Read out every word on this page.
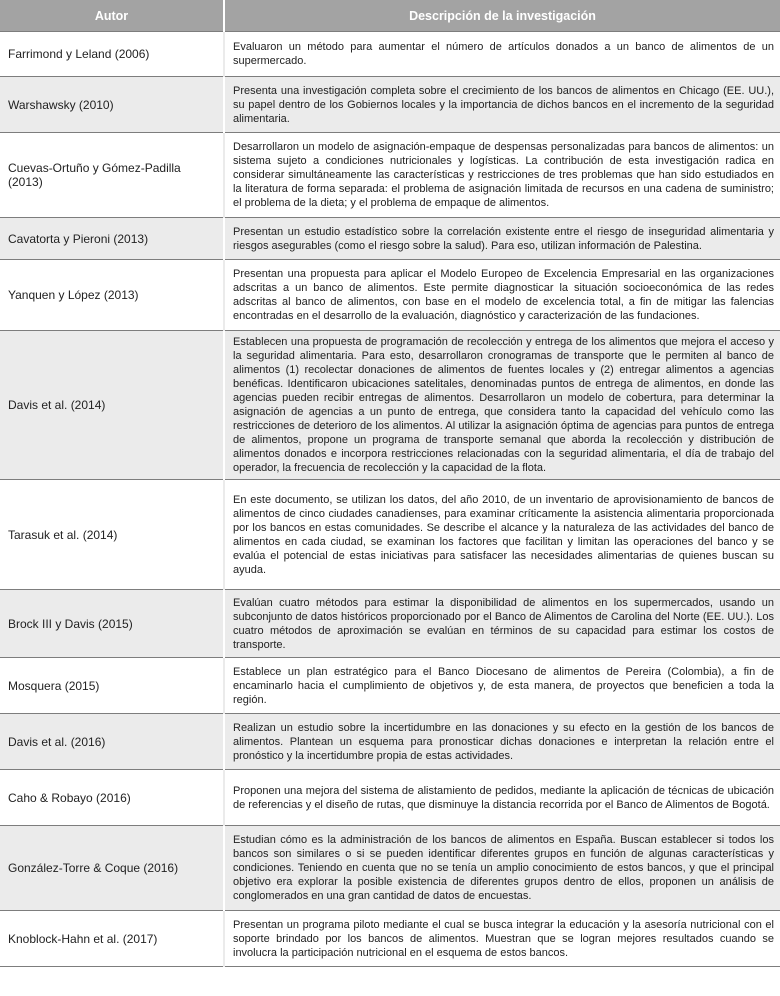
Autor	Descripción de la investigación
Farrimond y Leland (2006)	Evaluaron un método para aumentar el número de artículos donados a un banco de alimentos de un supermercado.
Warshawsky (2010)	Presenta una investigación completa sobre el crecimiento de los bancos de alimentos en Chicago (EE. UU.), su papel dentro de los Gobiernos locales y la importancia de dichos bancos en el incremento de la seguridad alimentaria.
Cuevas-Ortuño y Gómez-Padilla (2013)	Desarrollaron un modelo de asignación-empaque de despensas personalizadas para bancos de alimentos: un sistema sujeto a condiciones nutricionales y logísticas. La contribución de esta investigación radica en considerar simultáneamente las características y restricciones de tres problemas que han sido estudiados en la literatura de forma separada: el problema de asignación limitada de recursos en una cadena de suministro; el problema de la dieta; y el problema de empaque de alimentos.
Cavatorta y Pieroni (2013)	Presentan un estudio estadístico sobre la correlación existente entre el riesgo de inseguridad alimentaria y riesgos asegurables (como el riesgo sobre la salud). Para eso, utilizan información de Palestina.
Yanquen y López (2013)	Presentan una propuesta para aplicar el Modelo Europeo de Excelencia Empresarial en las organizaciones adscritas a un banco de alimentos. Este permite diagnosticar la situación socioeconómica de las redes adscritas al banco de alimentos, con base en el modelo de excelencia total, a fin de mitigar las falencias encontradas en el desarrollo de la evaluación, diagnóstico y caracterización de las fundaciones.
Davis et al. (2014)	Establecen una propuesta de programación de recolección y entrega de los alimentos que mejora el acceso y la seguridad alimentaria. Para esto, desarrollaron cronogramas de transporte que le permiten al banco de alimentos (1) recolectar donaciones de alimentos de fuentes locales y (2) entregar alimentos a agencias benéficas. Identificaron ubicaciones satelitales, denominadas puntos de entrega de alimentos, en donde las agencias pueden recibir entregas de alimentos. Desarrollaron un modelo de cobertura, para determinar la asignación de agencias a un punto de entrega, que considera tanto la capacidad del vehículo como las restricciones de deterioro de los alimentos. Al utilizar la asignación óptima de agencias para puntos de entrega de alimentos, propone un programa de transporte semanal que aborda la recolección y distribución de alimentos donados e incorpora restricciones relacionadas con la seguridad alimentaria, el día de trabajo del operador, la frecuencia de recolección y la capacidad de la flota.
Tarasuk et al. (2014)	En este documento, se utilizan los datos, del año 2010, de un inventario de aprovisionamiento de bancos de alimentos de cinco ciudades canadienses, para examinar críticamente la asistencia alimentaria proporcionada por los bancos en estas comunidades. Se describe el alcance y la naturaleza de las actividades del banco de alimentos en cada ciudad, se examinan los factores que facilitan y limitan las operaciones del banco y se evalúa el potencial de estas iniciativas para satisfacer las necesidades alimentarias de quienes buscan su ayuda.
Brock III y Davis (2015)	Evalúan cuatro métodos para estimar la disponibilidad de alimentos en los supermercados, usando un subconjunto de datos históricos proporcionado por el Banco de Alimentos de Carolina del Norte (EE. UU.). Los cuatro métodos de aproximación se evalúan en términos de su capacidad para estimar los costos de transporte.
Mosquera (2015)	Establece un plan estratégico para el Banco Diocesano de alimentos de Pereira (Colombia), a fin de encaminarlo hacia el cumplimiento de objetivos y, de esta manera, de proyectos que beneficien a toda la región.
Davis et al. (2016)	Realizan un estudio sobre la incertidumbre en las donaciones y su efecto en la gestión de los bancos de alimentos. Plantean un esquema para pronosticar dichas donaciones e interpretan la relación entre el pronóstico y la incertidumbre propia de estas actividades.
Caho & Robayo (2016)	Proponen una mejora del sistema de alistamiento de pedidos, mediante la aplicación de técnicas de ubicación de referencias y el diseño de rutas, que disminuye la distancia recorrida por el Banco de Alimentos de Bogotá.
González-Torre & Coque (2016)	Estudian cómo es la administración de los bancos de alimentos en España. Buscan establecer si todos los bancos son similares o si se pueden identificar diferentes grupos en función de algunas características y condiciones. Teniendo en cuenta que no se tenía un amplio conocimiento de estos bancos, y que el principal objetivo era explorar la posible existencia de diferentes grupos dentro de ellos, proponen un análisis de conglomerados en una gran cantidad de datos de encuestas.
Knoblock-Hahn et al. (2017)	Presentan un programa piloto mediante el cual se busca integrar la educación y la asesoría nutricional con el soporte brindado por los bancos de alimentos. Muestran que se logran mejores resultados cuando se involucra la participación nutricional en el esquema de estos bancos.
